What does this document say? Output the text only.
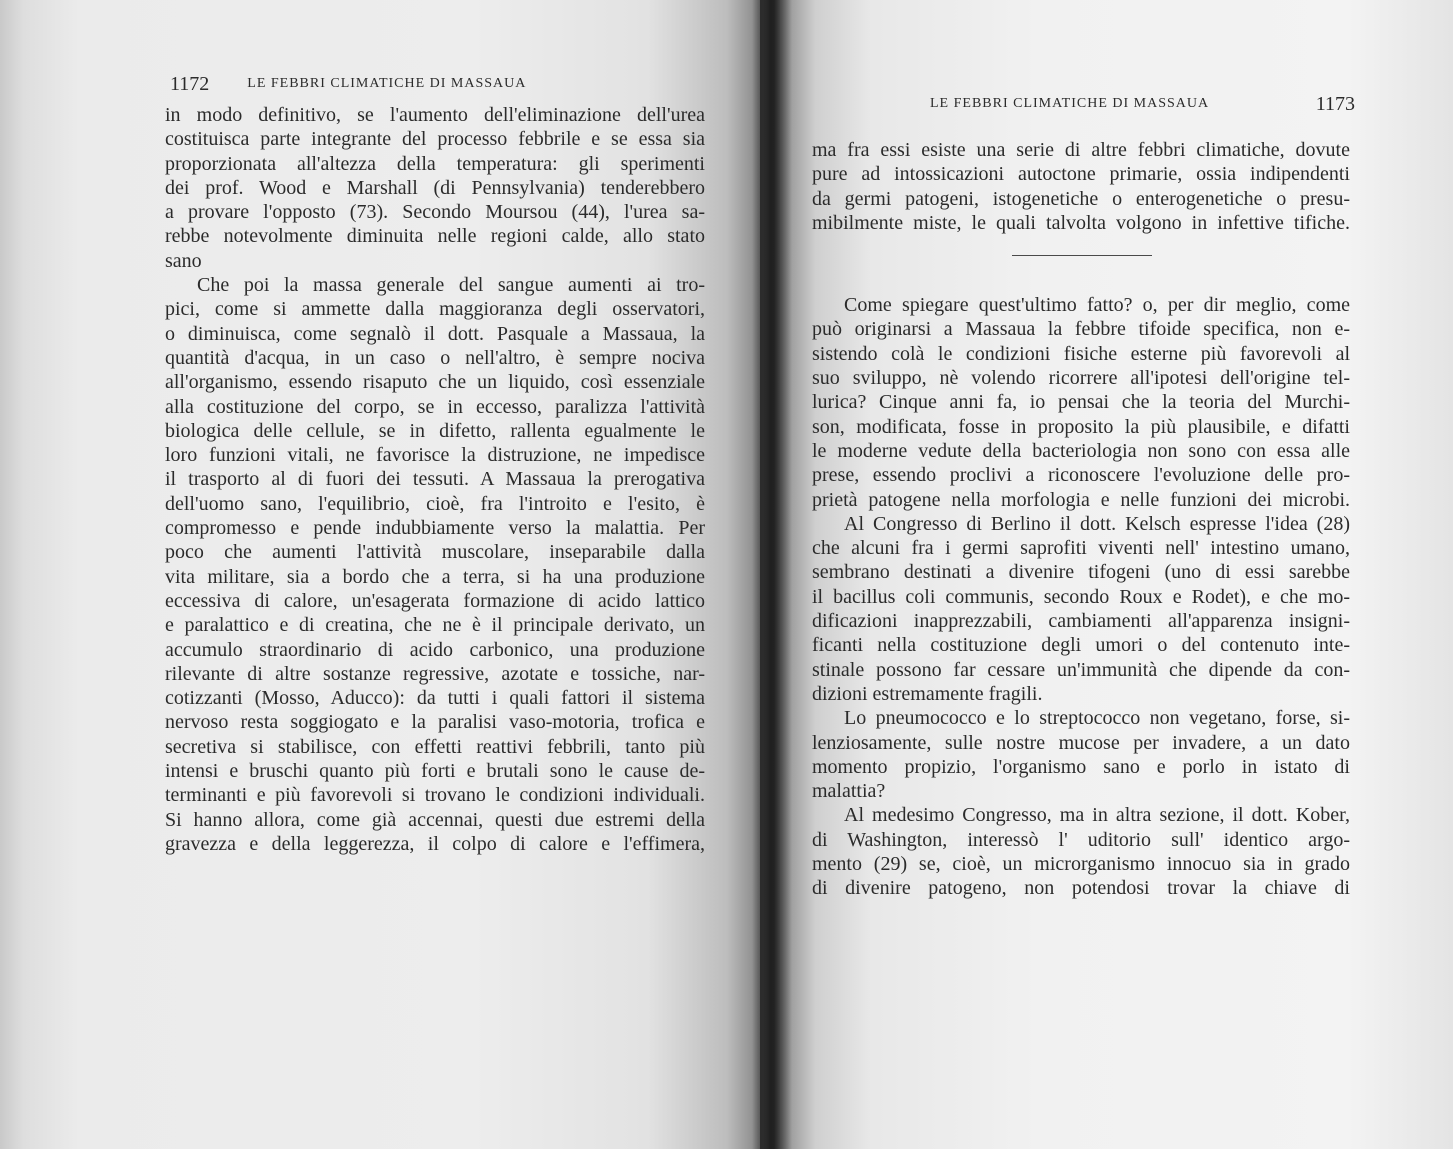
1172	LE FEBBRI CLIMATICHE DI MASSAUA
in modo definitivo, se l'aumento dell'eliminazione dell'urea
costituisca parte integrante del processo febbrile e se essa sia
proporzionata all'altezza della temperatura: gli sperimenti
dei prof. Wood e Marshall (di Pennsylvania) tenderebbero
a provare l'opposto (73). Secondo Moursou (44), l'urea sa-
rebbe notevolmente diminuita nelle regioni calde, allo stato
sano
Che poi la massa generale del sangue aumenti ai tro-
pici, come si ammette dalla maggioranza degli osservatori,
o diminuisca, come segnalò il dott. Pasquale a Massaua, la
quantità d'acqua, in un caso o nell'altro, è sempre nociva
all'organismo, essendo risaputo che un liquido, così essenziale
alla costituzione del corpo, se in eccesso, paralizza l'attività
biologica delle cellule, se in difetto, rallenta egualmente le
loro funzioni vitali, ne favorisce la distruzione, ne impedisce
il trasporto al di fuori dei tessuti. A Massaua la prerogativa
dell'uomo sano, l'equilibrio, cioè, fra l'introito e l'esito, è
compromesso e pende indubbiamente verso la malattia. Per
poco che aumenti l'attività muscolare, inseparabile dalla
vita militare, sia a bordo che a terra, si ha una produzione
eccessiva di calore, un'esagerata formazione di acido lattico
e paralattico e di creatina, che ne è il principale derivato, un
accumulo straordinario di acido carbonico, una produzione
rilevante di altre sostanze regressive, azotate e tossiche, nar-
cotizzanti (Mosso, Aducco): da tutti i quali fattori il sistema
nervoso resta soggiogato e la paralisi vaso-motoria, trofica e
secretiva si stabilisce, con effetti reattivi febbrili, tanto più
intensi e bruschi quanto più forti e brutali sono le cause de-
terminanti e più favorevoli si trovano le condizioni individuali.
Si hanno allora, come già accennai, questi due estremi della
gravezza e della leggerezza, il colpo di calore e l'effimera,
LE FEBBRI CLIMATICHE DI MASSAUA	1173
ma fra essi esiste una serie di altre febbri climatiche, dovute
pure ad intossicazioni autoctone primarie, ossia indipendenti
da germi patogeni, istogenetiche o enterogenetiche o presu-
mibilmente miste, le quali talvolta volgono in infettive tifiche.
Come spiegare quest'ultimo fatto? o, per dir meglio, come
può originarsi a Massaua la febbre tifoide specifica, non e-
sistendo colà le condizioni fisiche esterne più favorevoli al
suo sviluppo, nè volendo ricorrere all'ipotesi dell'origine tel-
lurica? Cinque anni fa, io pensai che la teoria del Murchi-
son, modificata, fosse in proposito la più plausibile, e difatti
le moderne vedute della bacteriologia non sono con essa alle
prese, essendo proclivi a riconoscere l'evoluzione delle pro-
prietà patogene nella morfologia e nelle funzioni dei microbi.
Al Congresso di Berlino il dott. Kelsch espresse l'idea (28)
che alcuni fra i germi saprofiti viventi nell' intestino umano,
sembrano destinati a divenire tifogeni (uno di essi sarebbe
il bacillus coli communis, secondo Roux e Rodet), e che mo-
dificazioni inapprezzabili, cambiamenti all'apparenza insigni-
ficanti nella costituzione degli umori o del contenuto inte-
stinale possono far cessare un'immunità che dipende da con-
dizioni estremamente fragili.
Lo pneumococco e lo streptococco non vegetano, forse, si-
lenziosamente, sulle nostre mucose per invadere, a un dato
momento propizio, l'organismo sano e porlo in istato di
malattia?
Al medesimo Congresso, ma in altra sezione, il dott. Kober,
di Washington, interessò l' uditorio sull' identico argo-
mento (29) se, cioè, un microrganismo innocuo sia in grado
di divenire patogeno, non potendosi trovar la chiave di
